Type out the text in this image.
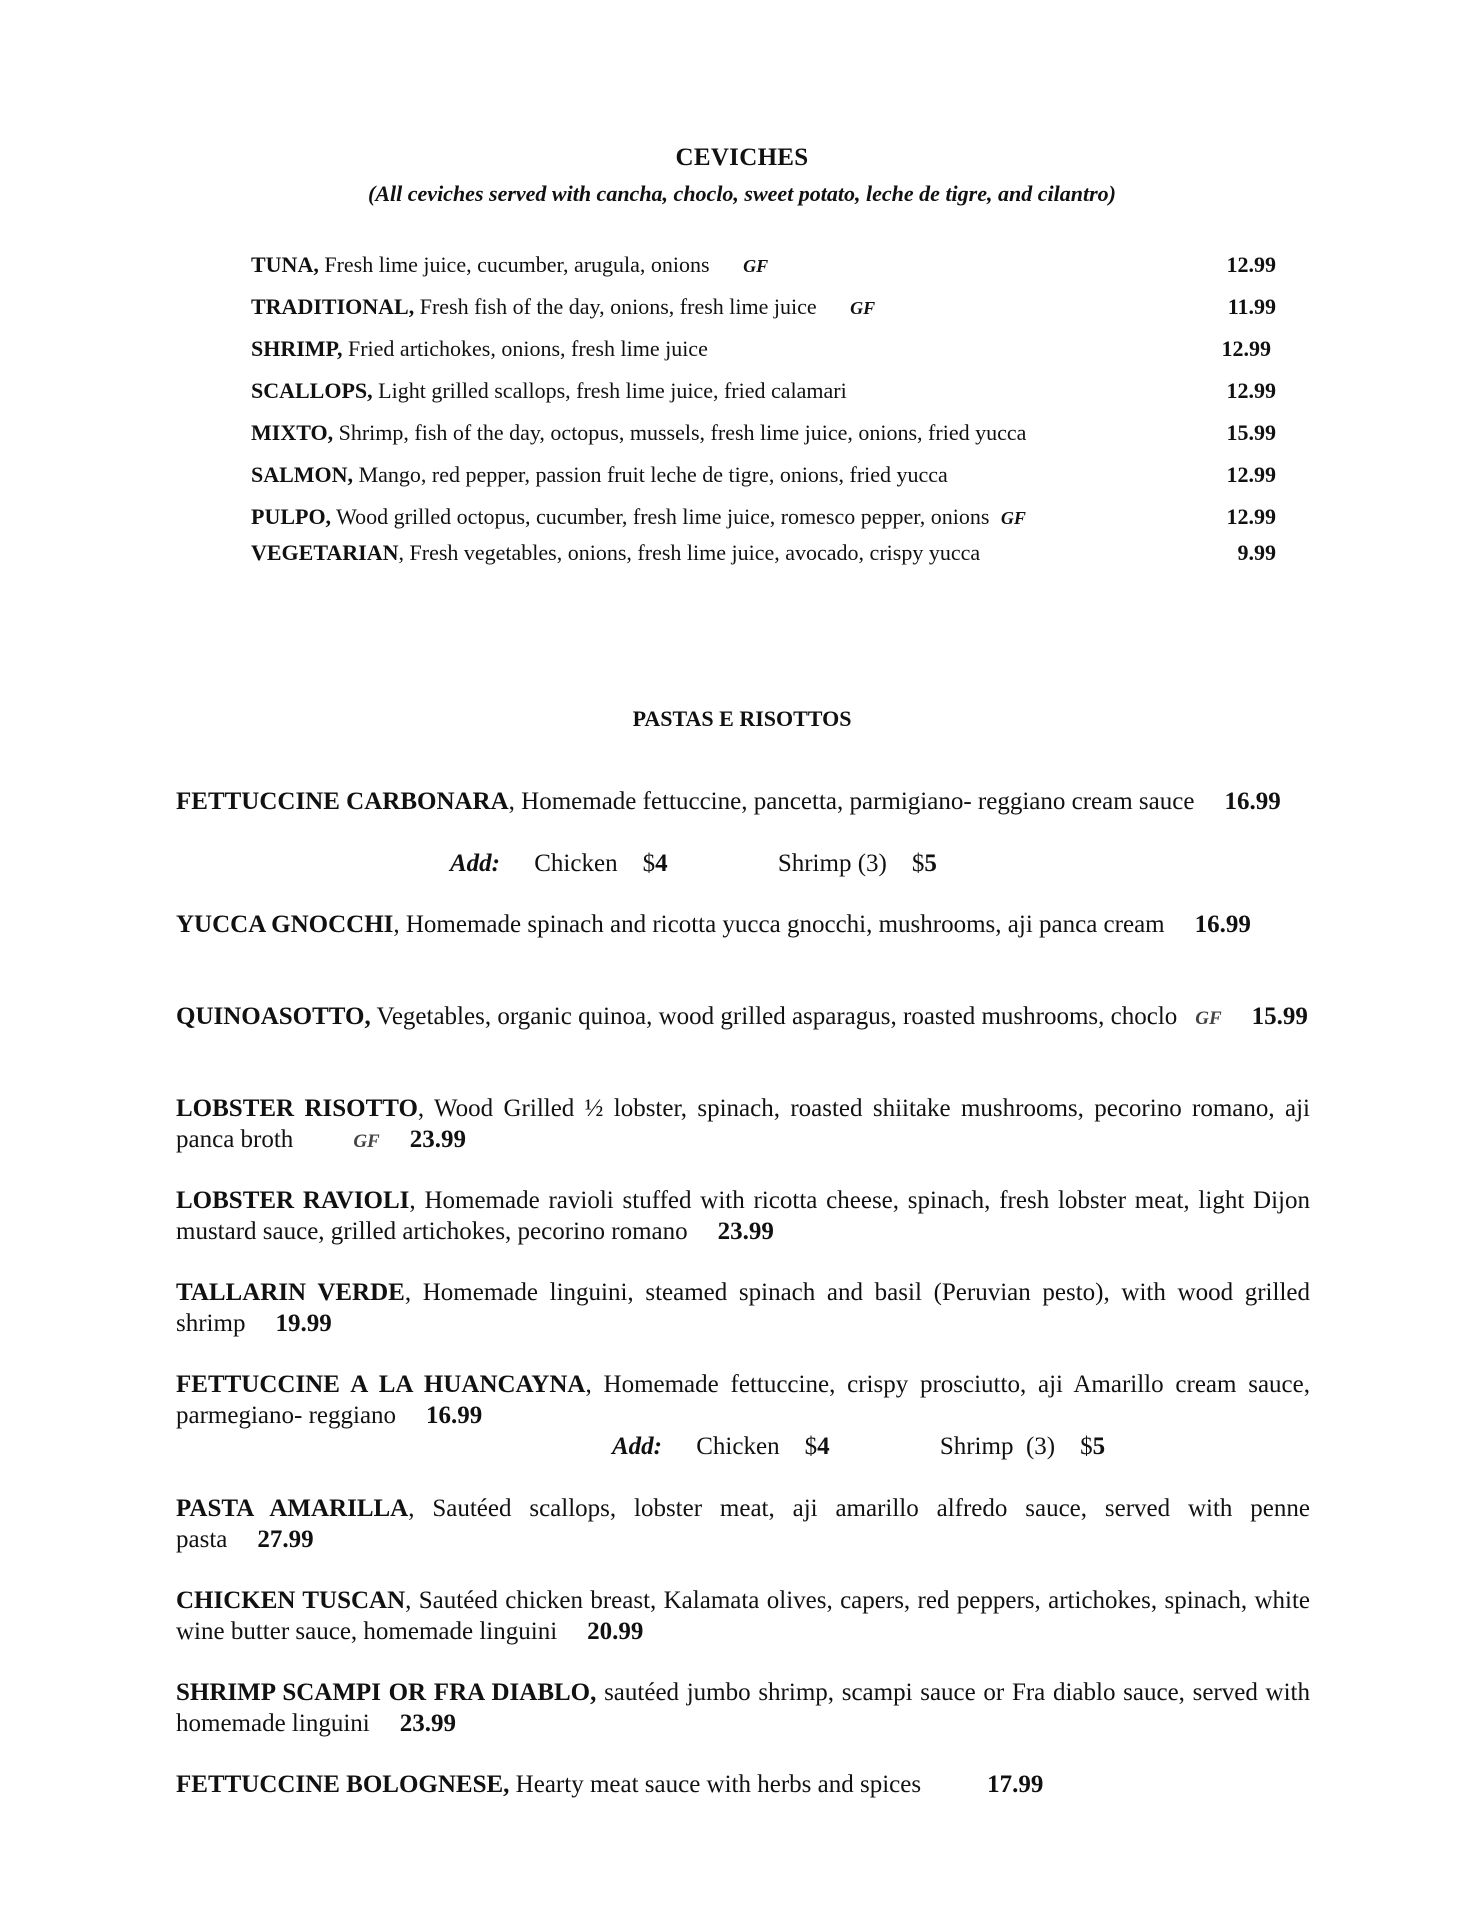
CEVICHES
(All ceviches served with cancha, choclo, sweet potato, leche de tigre, and cilantro)
TUNA, Fresh lime juice, cucumber, arugula, onions GF	12.99
TRADITIONAL, Fresh fish of the day, onions, fresh lime juice GF	11.99
SHRIMP, Fried artichokes, onions, fresh lime juice	12.99
SCALLOPS, Light grilled scallops, fresh lime juice, fried calamari	12.99
MIXTO, Shrimp, fish of the day, octopus, mussels, fresh lime juice, onions, fried yucca	15.99
SALMON, Mango, red pepper, passion fruit leche de tigre, onions, fried yucca	12.99
PULPO, Wood grilled octopus, cucumber, fresh lime juice, romesco pepper, onions GF	12.99
VEGETARIAN, Fresh vegetables, onions, fresh lime juice, avocado, crispy yucca	9.99
PASTAS E RISOTTOS
FETTUCCINE CARBONARA, Homemade fettuccine, pancetta, parmigiano- reggiano cream sauce 16.99
Add: Chicken $4	Shrimp (3) $5
YUCCA GNOCCHI, Homemade spinach and ricotta yucca gnocchi, mushrooms, aji panca cream 16.99
QUINOASOTTO, Vegetables, organic quinoa, wood grilled asparagus, roasted mushrooms, choclo GF 15.99
LOBSTER RISOTTO, Wood Grilled ½ lobster, spinach, roasted shiitake mushrooms, pecorino romano, aji panca broth	GF 23.99
LOBSTER RAVIOLI, Homemade ravioli stuffed with ricotta cheese, spinach, fresh lobster meat, light Dijon mustard sauce, grilled artichokes, pecorino romano 23.99
TALLARIN VERDE, Homemade linguini, steamed spinach and basil (Peruvian pesto), with wood grilled shrimp 19.99
FETTUCCINE A LA HUANCAYNA, Homemade fettuccine, crispy prosciutto, aji Amarillo cream sauce, parmegiano- reggiano 16.99
Add: Chicken $4	Shrimp  (3) $5
PASTA AMARILLA, Sautéed scallops, lobster meat, aji amarillo alfredo sauce, served with penne pasta 27.99
CHICKEN TUSCAN, Sautéed chicken breast, Kalamata olives, capers, red peppers, artichokes, spinach, white wine butter sauce, homemade linguini 20.99
SHRIMP SCAMPI OR FRA DIABLO, sautéed jumbo shrimp, scampi sauce or Fra diablo sauce, served with homemade linguini 23.99
FETTUCCINE BOLOGNESE, Hearty meat sauce with herbs and spices	17.99
